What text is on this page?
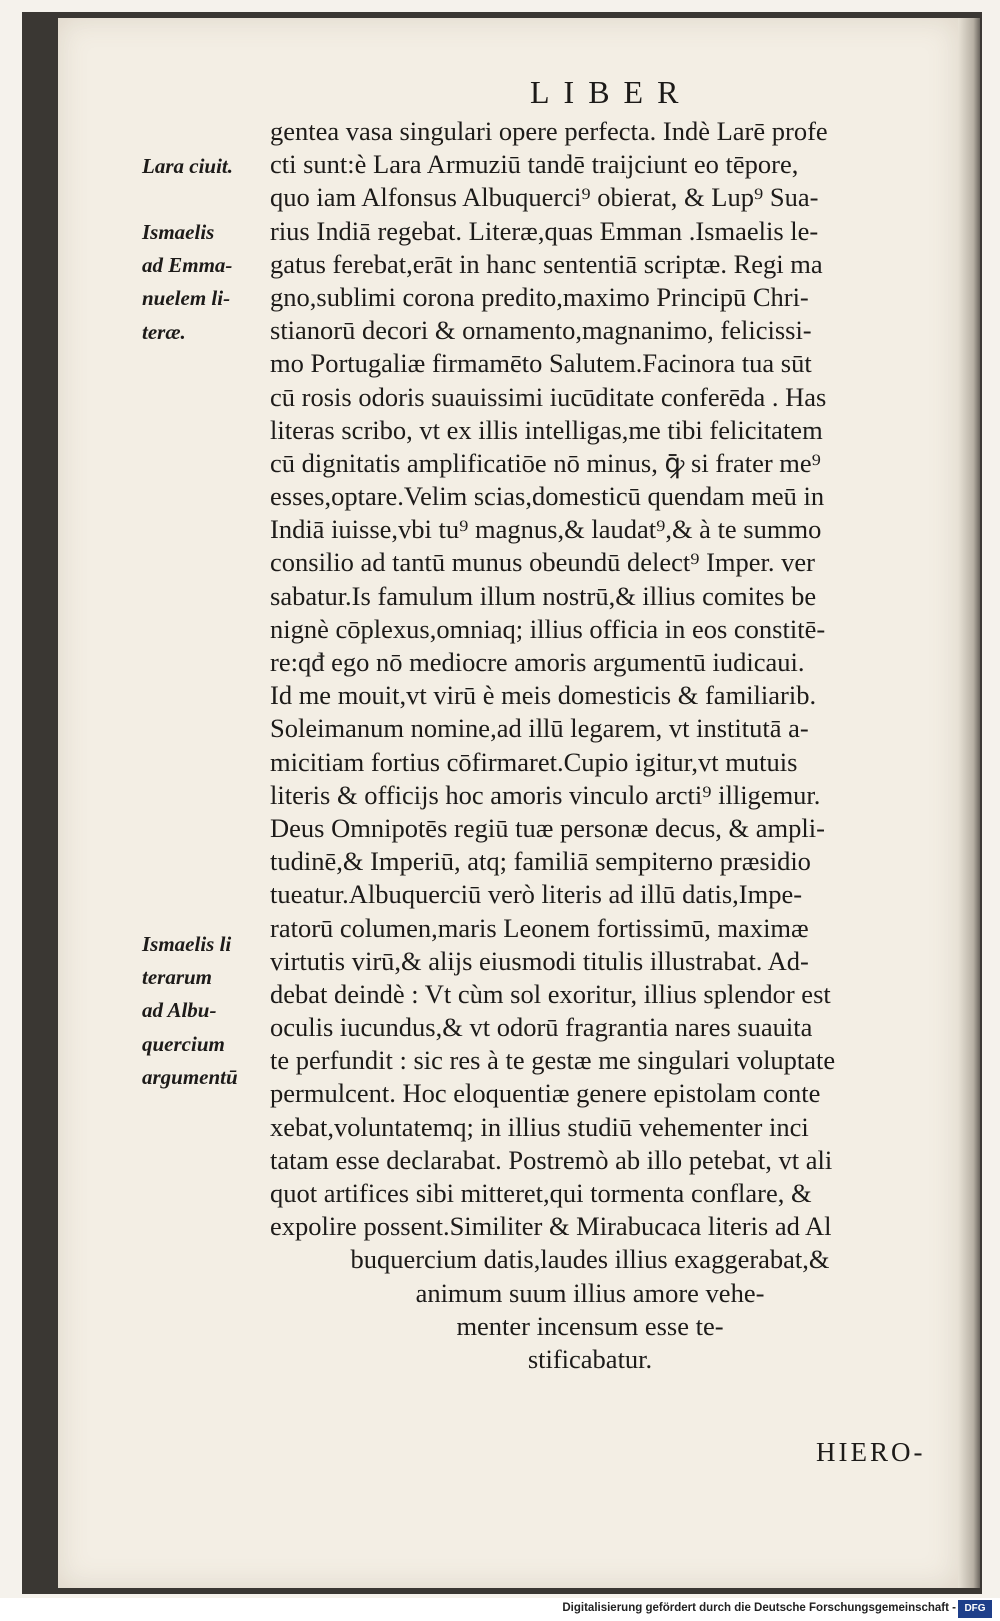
LIBER
Lara ciuit.
Ismaelis
ad Emma-
nuelem li-
terӕ.
Ismaelis li
terarum
ad Albu-
quercium
argumentū
gentea vasa singulari opere perfecta. Indè Larē profe
cti sunt:è Lara Armuziū tandē traijciunt eo tēpore,
quo iam Alfonsus Albuquerci⁹ obierat, & Lup⁹ Sua-
rius Indiā regebat. Literæ,quas Emman .Ismaelis le-
gatus ferebat,erāt in hanc sententiā scriptæ. Regi ma
gno,sublimi corona predito,maximo Principū Chri-
stianorū decori & ornamento,magnanimo, felicissi-
mo Portugaliæ firmamēto Salutem.Facinora tua sūt
cū rosis odoris suauissimi iucūditate conferēda . Has
literas scribo, vt ex illis intelligas,me tibi felicitatem
cū dignitatis amplificatiōe nō minus, ꝙ̄ si frater me⁹
esses,optare.Velim scias,domesticū quendam meū in
Indiā iuisse,vbi tu⁹ magnus,& laudat⁹,& à te summo
consilio ad tantū munus obeundū delect⁹ Imper. ver
sabatur.Is famulum illum nostrū,& illius comites be
nignè cōplexus,omniaq; illius officia in eos constitē-
re:qđ ego nō mediocre amoris argumentū iudicaui.
Id me mouit,vt virū è meis domesticis & familiarib.
Soleimanum nomine,ad illū legarem, vt institutā a-
micitiam fortius cōfirmaret.Cupio igitur,vt mutuis
literis & officijs hoc amoris vinculo arcti⁹ illigemur.
Deus Omnipotēs regiū tuæ personæ decus, & ampli-
tudinē,& Imperiū, atq; familiā sempiterno præsidio
tueatur.Albuquerciū verò literis ad illū datis,Impe-
ratorū columen,maris Leonem fortissimū, maximæ
virtutis virū,& alijs eiusmodi titulis illustrabat. Ad-
debat deindè : Vt cùm sol exoritur, illius splendor est
oculis iucundus,& vt odorū fragrantia nares suauita
te perfundit : sic res à te gestæ me singulari voluptate
permulcent. Hoc eloquentiæ genere epistolam conte
xebat,voluntatemq; in illius studiū vehementer inci
tatam esse declarabat. Postremò ab illo petebat, vt ali
quot artifices sibi mitteret,qui tormenta conflare, &
expolire possent.Similiter & Mirabucaca literis ad Al
buquercium datis,laudes illius exaggerabat,&
animum suum illius amore vehe-
menter incensum esse te-
stificabatur.
HIERO-
Digitalisierung gefördert durch die Deutsche Forschungsgemeinschaft - DFG
